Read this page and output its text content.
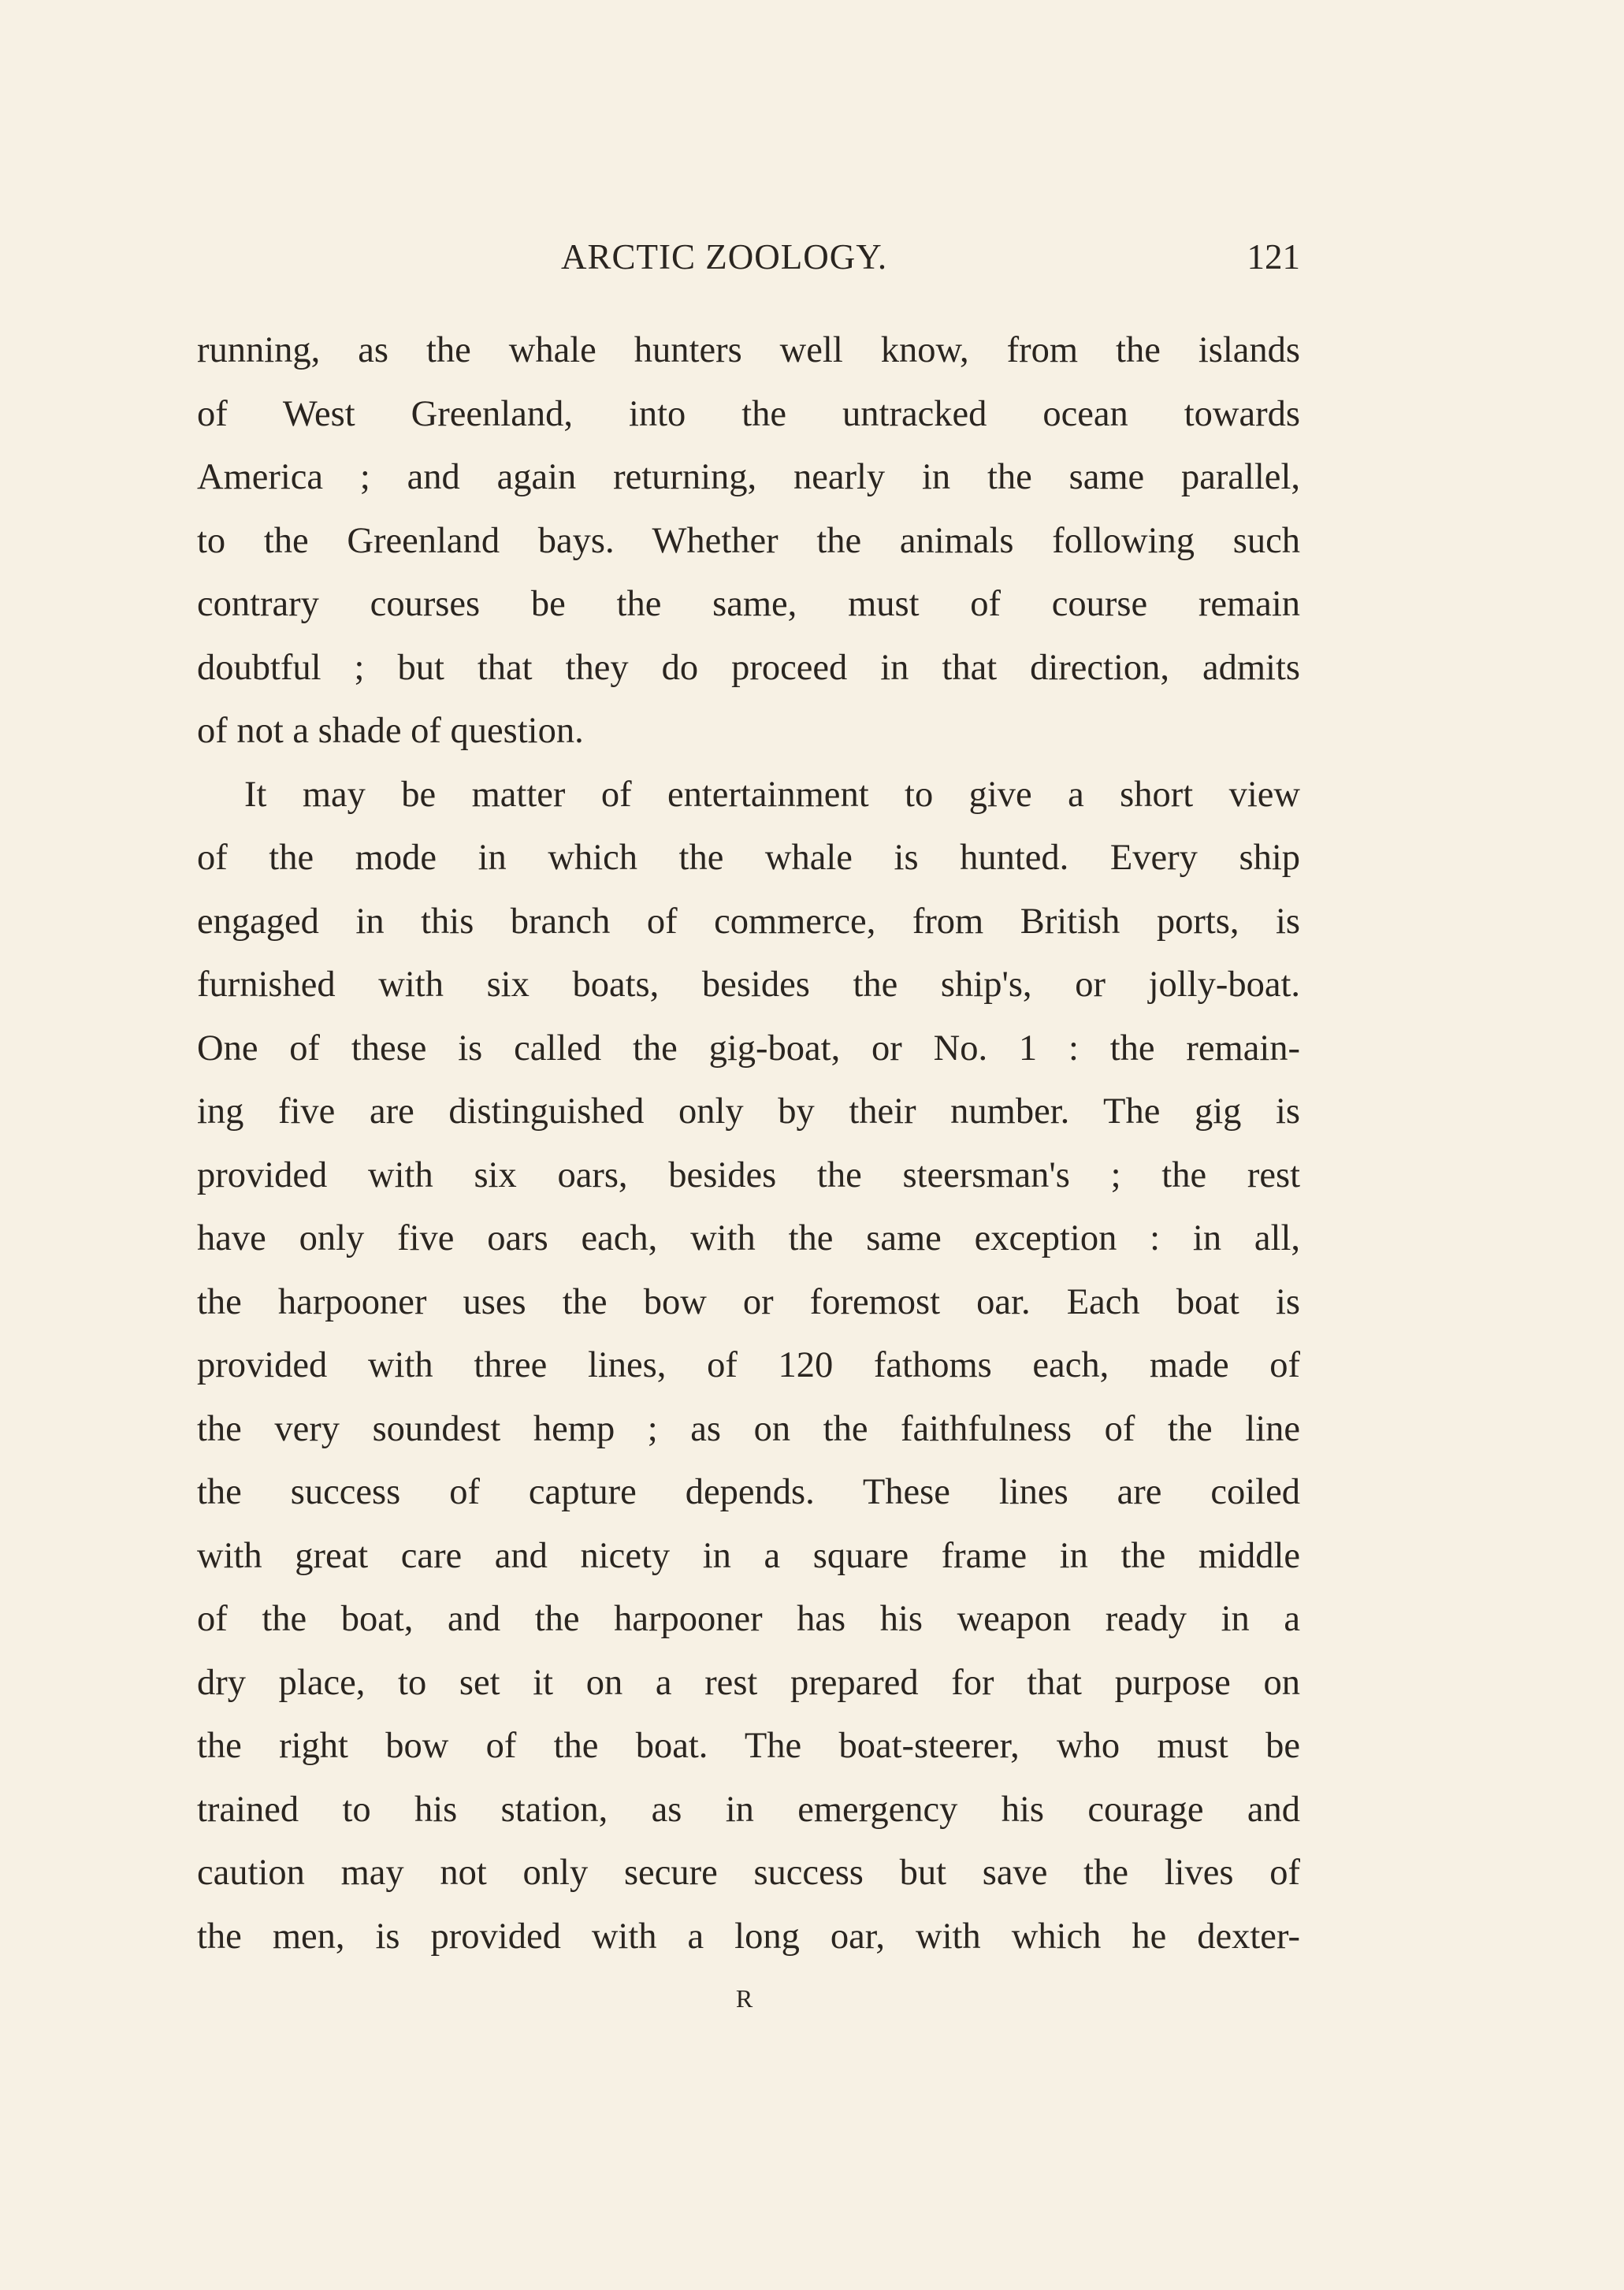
ARCTIC ZOOLOGY.	121
running, as the whale hunters well know, from the islands
of West Greenland, into the untracked ocean towards
America ; and again returning, nearly in the same parallel,
to the Greenland bays. Whether the animals following such
contrary courses be the same, must of course remain
doubtful ; but that they do proceed in that direction, admits
of not a shade of question.
It may be matter of entertainment to give a short view
of the mode in which the whale is hunted. Every ship
engaged in this branch of commerce, from British ports, is
furnished with six boats, besides the ship's, or jolly-boat.
One of these is called the gig-boat, or No. 1 : the remain-
ing five are distinguished only by their number. The gig is
provided with six oars, besides the steersman's ; the rest
have only five oars each, with the same exception : in all,
the harpooner uses the bow or foremost oar. Each boat is
provided with three lines, of 120 fathoms each, made of
the very soundest hemp ; as on the faithfulness of the line
the success of capture depends. These lines are coiled
with great care and nicety in a square frame in the middle
of the boat, and the harpooner has his weapon ready in a
dry place, to set it on a rest prepared for that purpose on
the right bow of the boat. The boat-steerer, who must be
trained to his station, as in emergency his courage and
caution may not only secure success but save the lives of
the men, is provided with a long oar, with which he dexter-
R
